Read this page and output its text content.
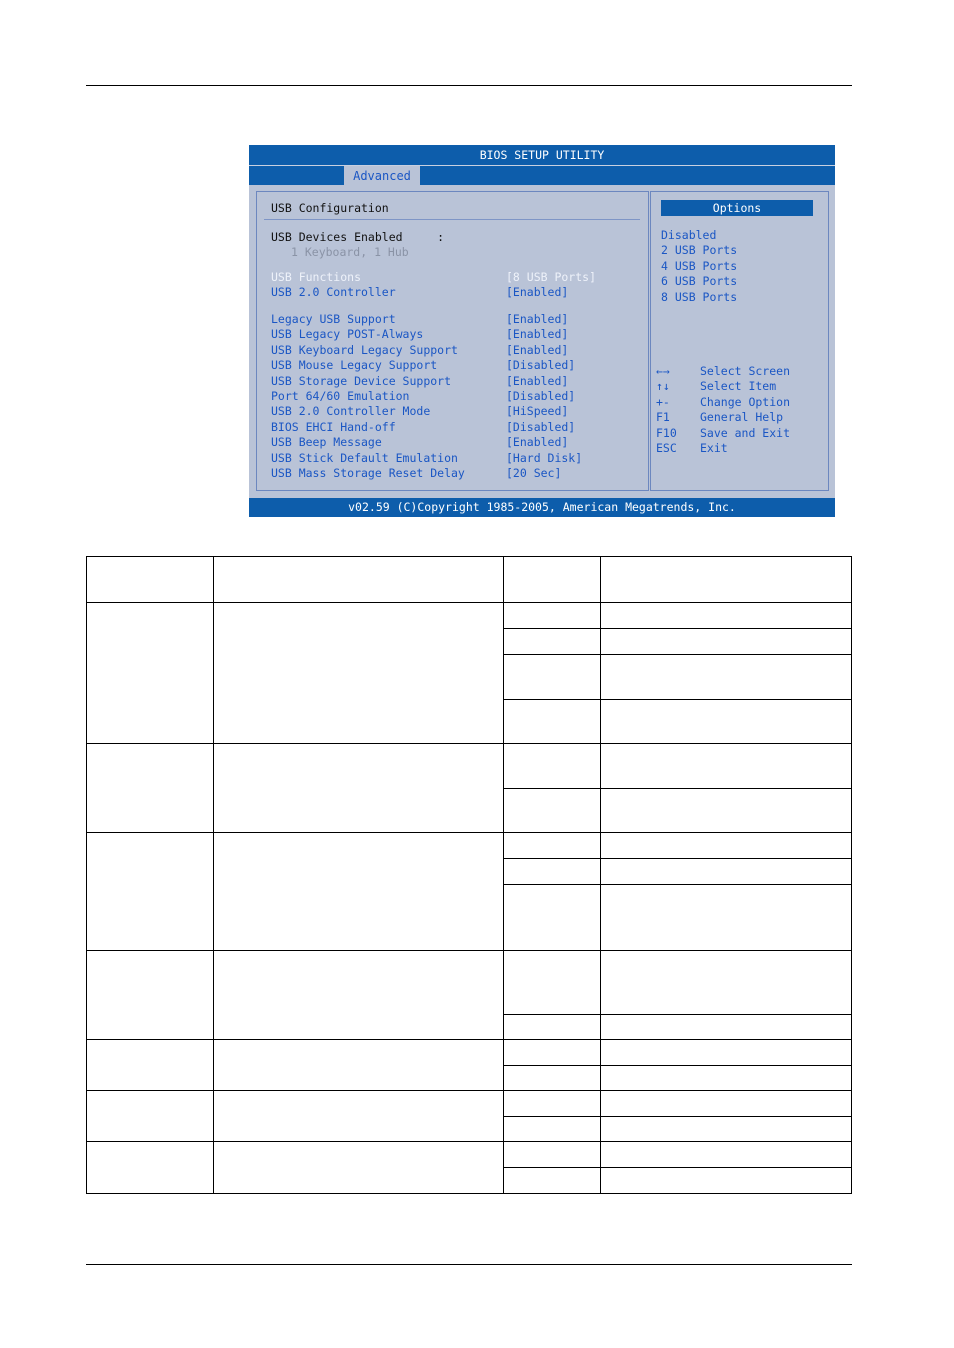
BIOS SETUP UTILITY
Advanced
USB Configuration
USB Devices Enabled     :
1 Keyboard, 1 Hub
USB Functions	[8 USB Ports]
USB 2.0 Controller	[Enabled]
Legacy USB Support	[Enabled]
USB Legacy POST-Always	[Enabled]
USB Keyboard Legacy Support	[Enabled]
USB Mouse Legacy Support	[Disabled]
USB Storage Device Support	[Enabled]
Port 64/60 Emulation	[Disabled]
USB 2.0 Controller Mode	[HiSpeed]
BIOS EHCI Hand-off	[Disabled]
USB Beep Message	[Enabled]
USB Stick Default Emulation	[Hard Disk]
USB Mass Storage Reset Delay	[20 Sec]
Options
Disabled
2 USB Ports
4 USB Ports
6 USB Ports
8 USB Ports
←→	Select Screen
↑↓	Select Item
+-	Change Option
F1	General Help
F10 Save and Exit
ESC Exit
v02.59 (C)Copyright 1985-2005, American Megatrends, Inc.
